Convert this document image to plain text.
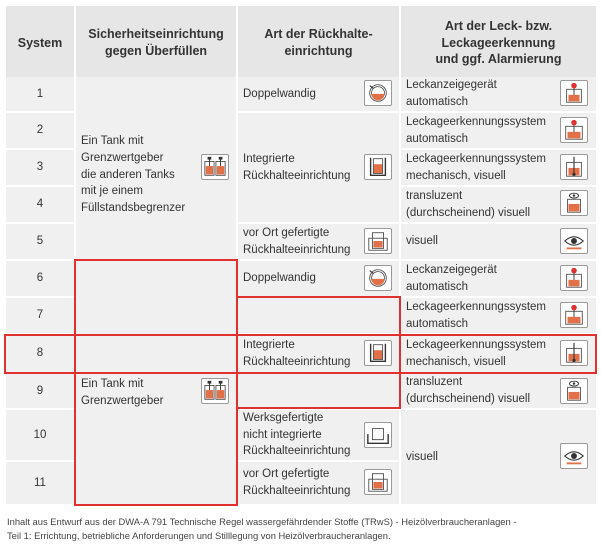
System
Sicherheitseinrichtung
gegen Überfüllen
Art der Rückhalte-
einrichtung
Art der Leck- bzw.
Leckageerkennung
und ggf. Alarmierung
1
2
3
4
5
6
7
8
9
10
11
Ein Tank mit
Grenzwertgeber
die anderen Tanks
mit je einem
Füllstandsbegrenzer
Ein Tank mit
Grenzwertgeber
Doppelwandig
Integrierte
Rückhalteeinrichtung
vor Ort gefertigte
Rückhalteeinrichtung
Doppelwandig
Integrierte
Rückhalteeinrichtung
Werksgefertigte
nicht integrierte
Rückhalteeinrichtung
vor Ort gefertigte
Rückhalteeinrichtung
Leckanzeigegerät
automatisch
Leckageerkennungssystem
automatisch
Leckageerkennungssystem
mechanisch, visuell
transluzent
(durchscheinend) visuell
visuell
Leckanzeigegerät
automatisch
Leckageerkennungssystem
automatisch
Leckageerkennungssystem
mechanisch, visuell
transluzent
(durchscheinend) visuell
visuell
Inhalt aus Entwurf aus der DWA-A 791 Technische Regel wassergefährdender Stoffe (TRwS) - Heizölverbraucheranlagen -
Teil 1: Errichtung, betriebliche Anforderungen und Stilllegung von Heizölverbraucheranlagen.
